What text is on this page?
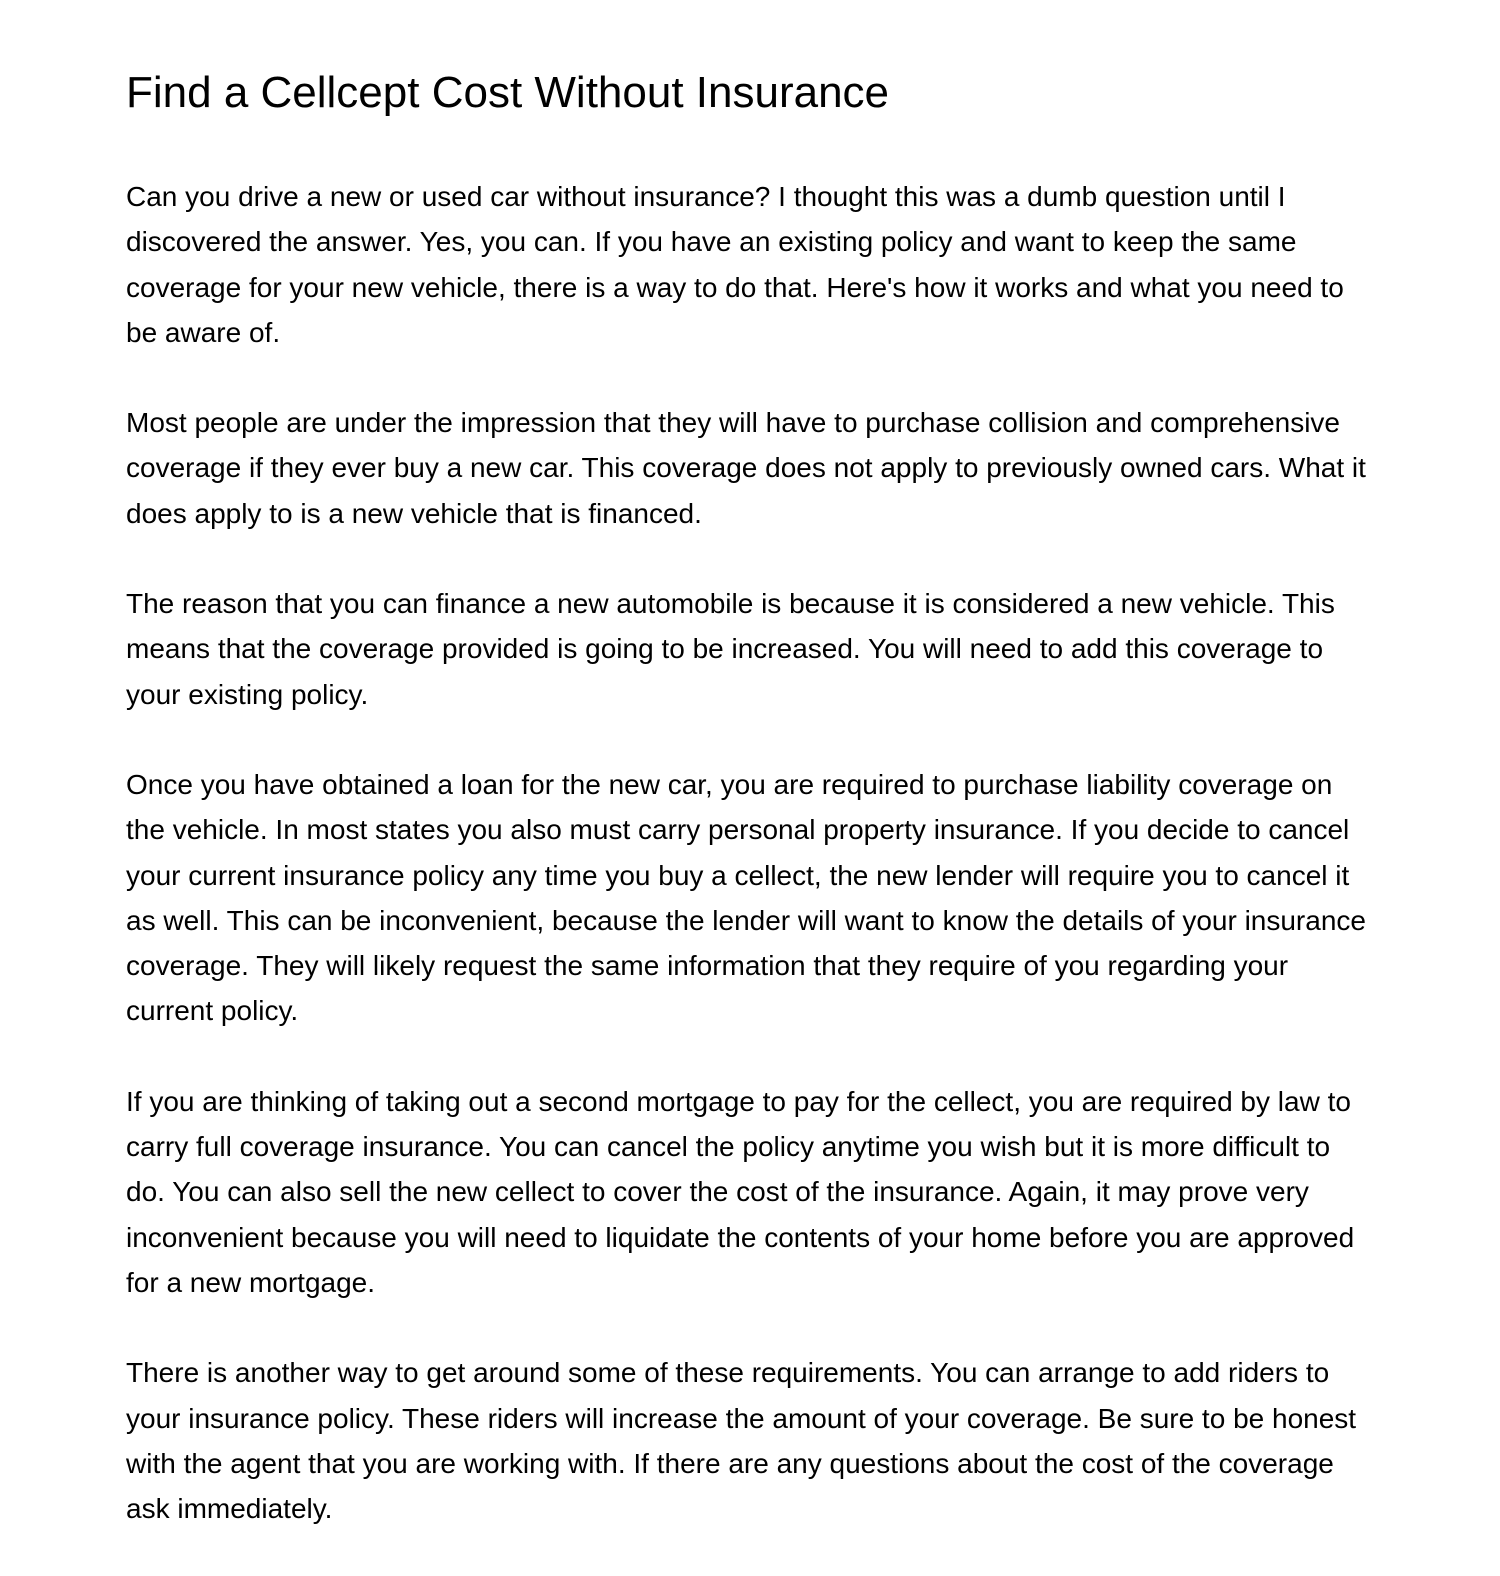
Find a Cellcept Cost Without Insurance

Can you drive a new or used car without insurance? I thought this was a dumb question until I discovered the answer. Yes, you can. If you have an existing policy and want to keep the same coverage for your new vehicle, there is a way to do that. Here's how it works and what you need to be aware of.

Most people are under the impression that they will have to purchase collision and comprehensive coverage if they ever buy a new car. This coverage does not apply to previously owned cars. What it does apply to is a new vehicle that is financed.

The reason that you can finance a new automobile is because it is considered a new vehicle. This means that the coverage provided is going to be increased. You will need to add this coverage to your existing policy.

Once you have obtained a loan for the new car, you are required to purchase liability coverage on the vehicle. In most states you also must carry personal property insurance. If you decide to cancel your current insurance policy any time you buy a cellect, the new lender will require you to cancel it as well. This can be inconvenient, because the lender will want to know the details of your insurance coverage. They will likely request the same information that they require of you regarding your current policy.

If you are thinking of taking out a second mortgage to pay for the cellect, you are required by law to carry full coverage insurance. You can cancel the policy anytime you wish but it is more difficult to do. You can also sell the new cellect to cover the cost of the insurance. Again, it may prove very inconvenient because you will need to liquidate the contents of your home before you are approved for a new mortgage.

There is another way to get around some of these requirements. You can arrange to add riders to your insurance policy. These riders will increase the amount of your coverage. Be sure to be honest with the agent that you are working with. If there are any questions about the cost of the coverage ask immediately.
